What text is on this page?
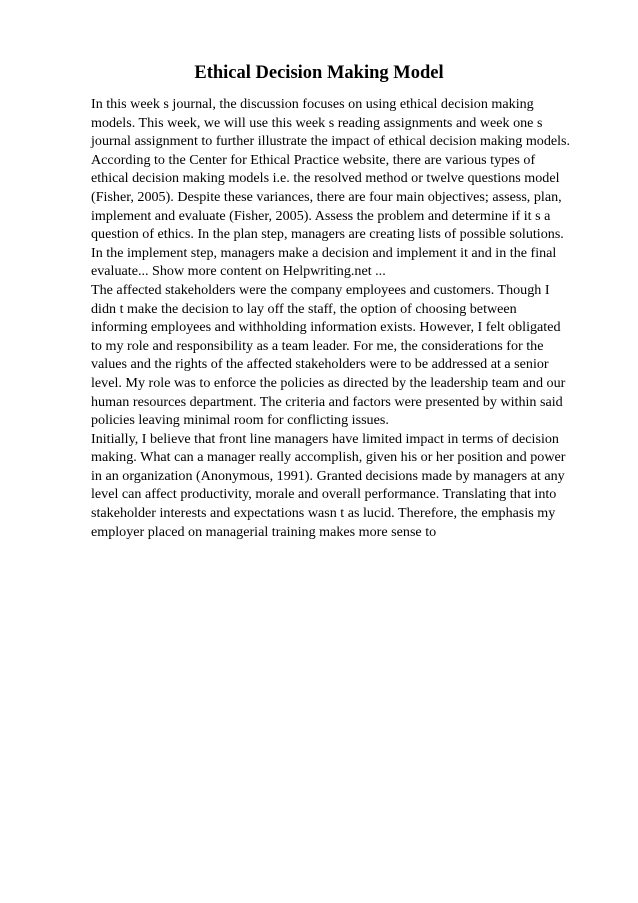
Ethical Decision Making Model
In this week s journal, the discussion focuses on using ethical decision making
models. This week, we will use this week s reading assignments and week one s
journal assignment to further illustrate the impact of ethical decision making models.
According to the Center for Ethical Practice website, there are various types of
ethical decision making models i.e. the resolved method or twelve questions model
(Fisher, 2005). Despite these variances, there are four main objectives; assess, plan,
implement and evaluate (Fisher, 2005). Assess the problem and determine if it s a
question of ethics. In the plan step, managers are creating lists of possible solutions.
In the implement step, managers make a decision and implement it and in the final
evaluate... Show more content on Helpwriting.net ...
The affected stakeholders were the company employees and customers. Though I
didn t make the decision to lay off the staff, the option of choosing between
informing employees and withholding information exists. However, I felt obligated
to my role and responsibility as a team leader. For me, the considerations for the
values and the rights of the affected stakeholders were to be addressed at a senior
level. My role was to enforce the policies as directed by the leadership team and our
human resources department. The criteria and factors were presented by within said
policies leaving minimal room for conflicting issues.
Initially, I believe that front line managers have limited impact in terms of decision
making. What can a manager really accomplish, given his or her position and power
in an organization (Anonymous, 1991). Granted decisions made by managers at any
level can affect productivity, morale and overall performance. Translating that into
stakeholder interests and expectations wasn t as lucid. Therefore, the emphasis my
employer placed on managerial training makes more sense to
